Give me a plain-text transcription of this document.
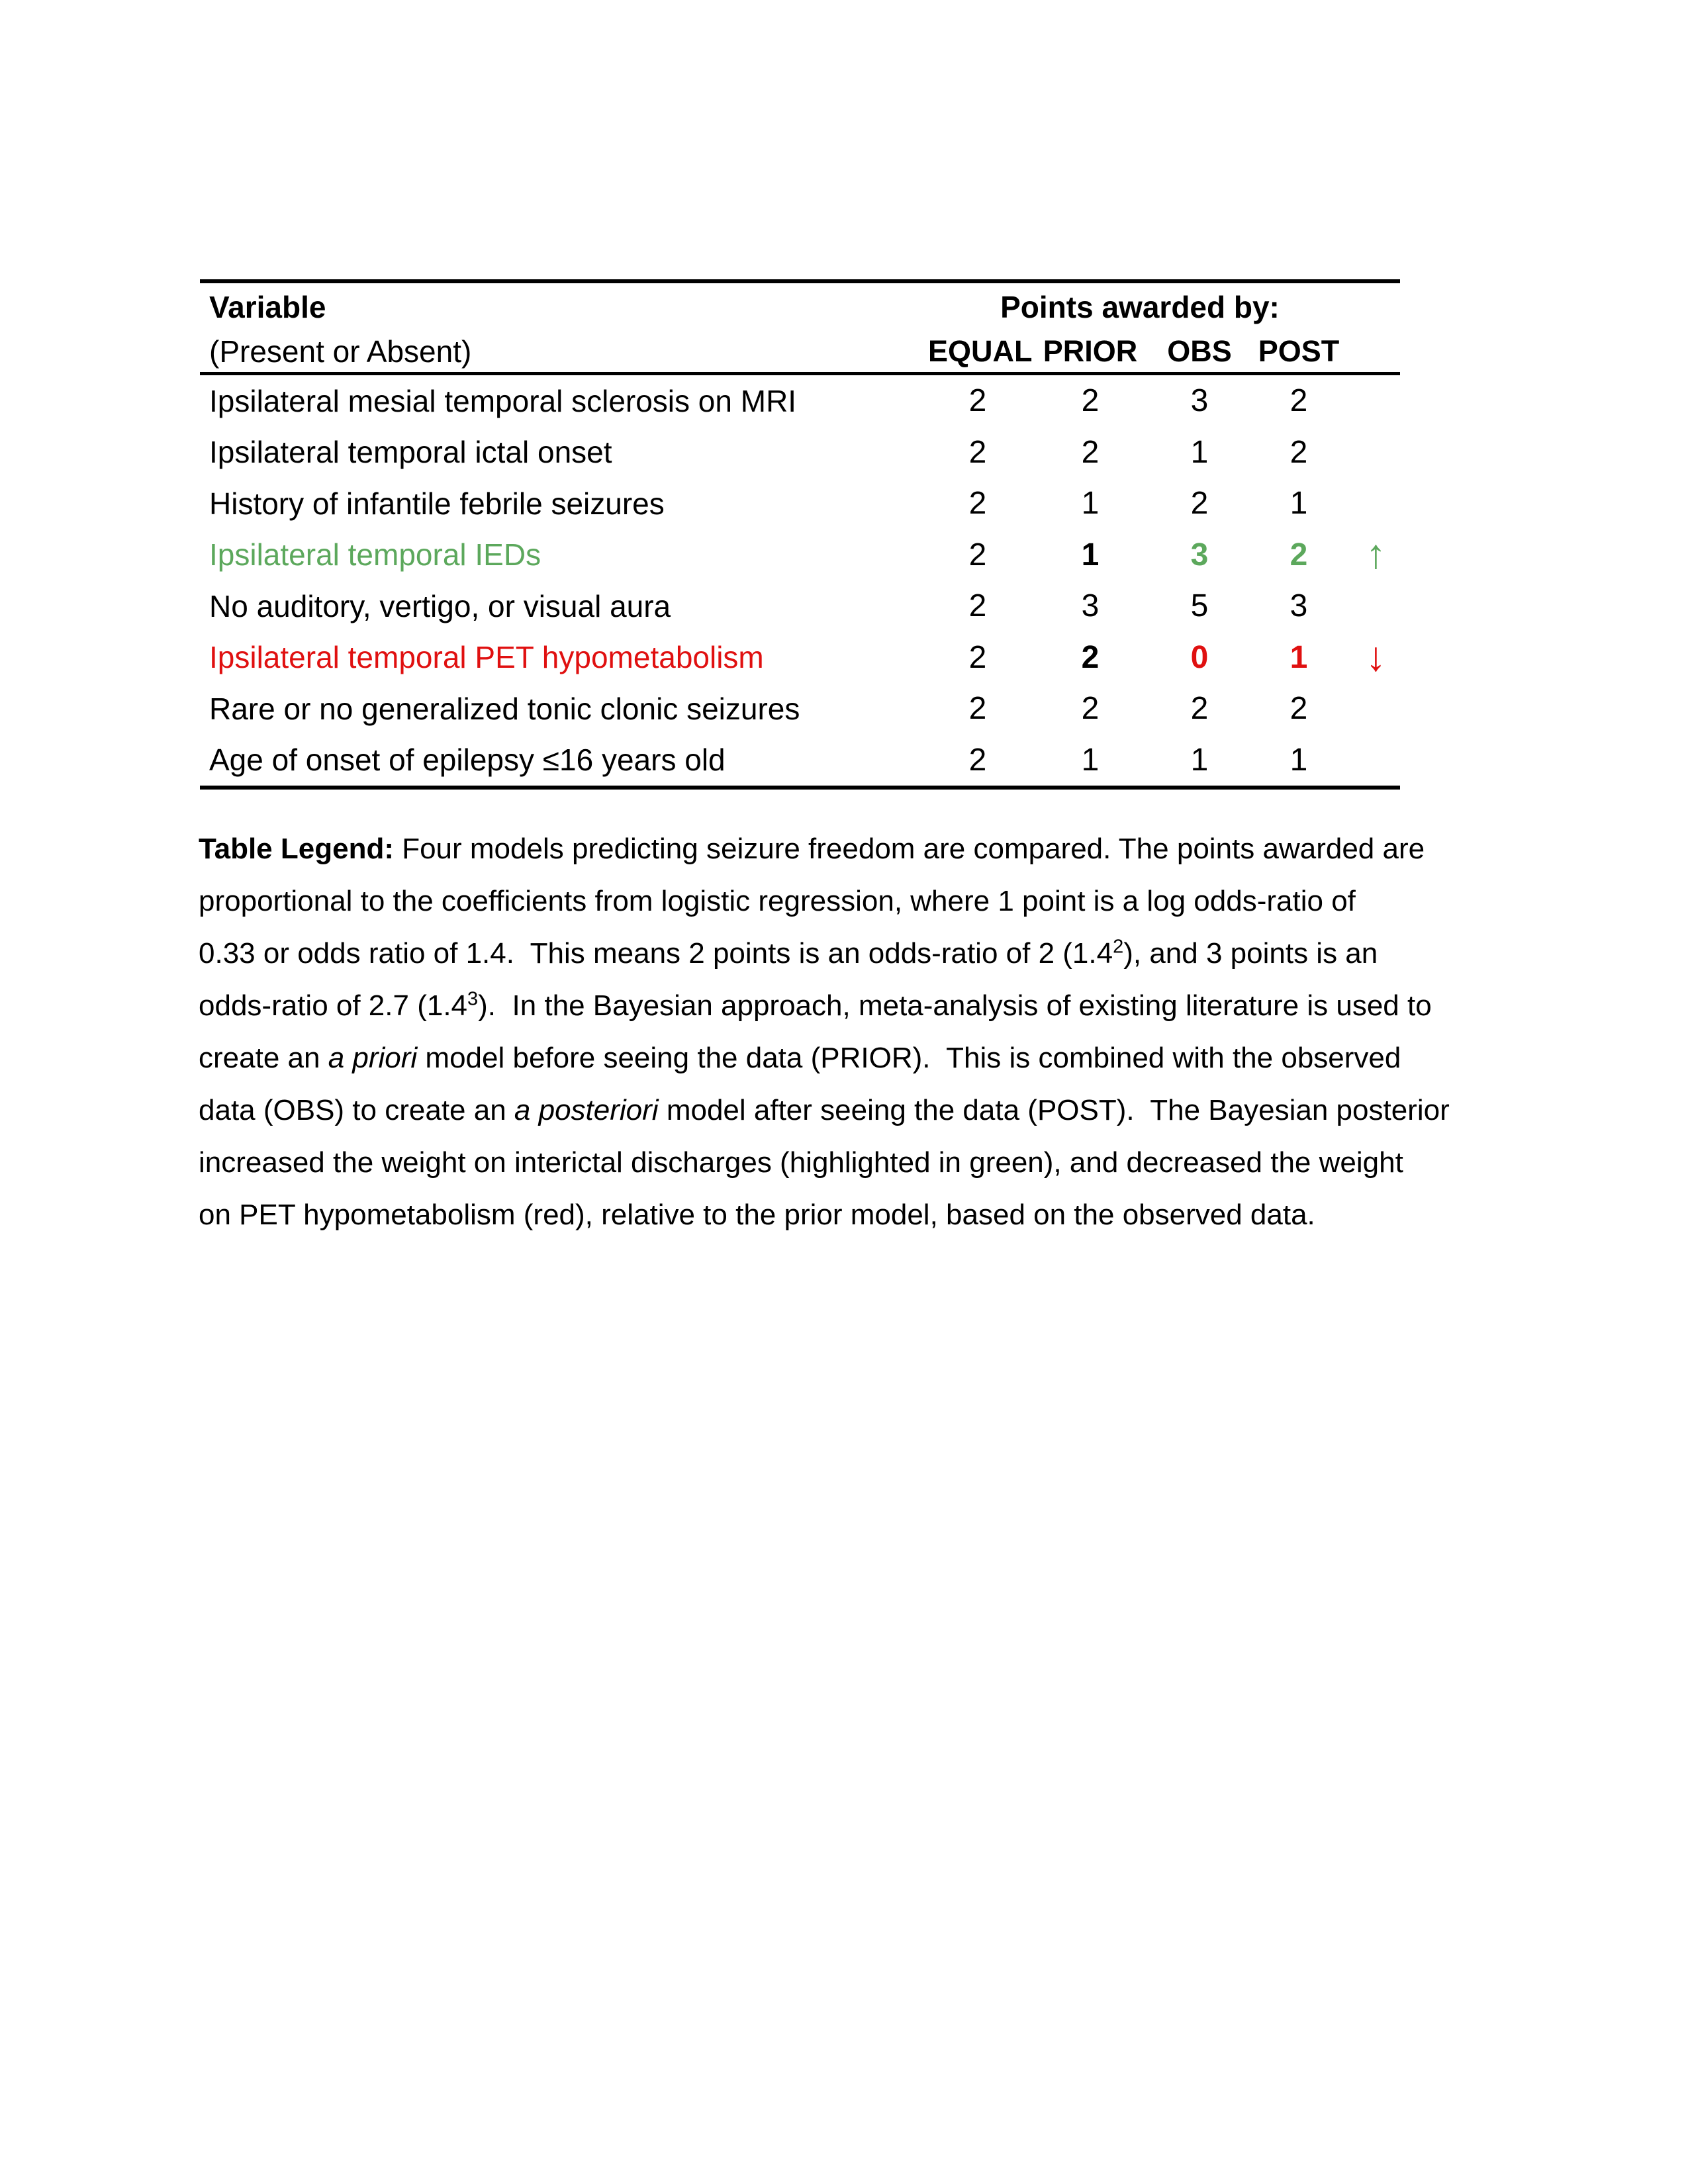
Variable	Points awarded by:
(Present or Absent)	EQUAL PRIOR OBS POST
Ipsilateral mesial temporal sclerosis on MRI	2	2	3	2
Ipsilateral temporal ictal onset	2	2	1	2
History of infantile febrile seizures	2	1	2	1
Ipsilateral temporal IEDs	2	1	3	2	↑
No auditory, vertigo, or visual aura	2	3	5	3
Ipsilateral temporal PET hypometabolism	2	2	0	1	↓
Rare or no generalized tonic clonic seizures	2	2	2	2
Age of onset of epilepsy ≤16 years old	2	1	1	1
Table Legend: Four models predicting seizure freedom are compared. The points awarded are
proportional to the coefficients from logistic regression, where 1 point is a log odds-ratio of
0.33 or odds ratio of 1.4.  This means 2 points is an odds-ratio of 2 $(1.4^2)$, and 3 points is an
odds-ratio of 2.7 $(1.4^3)$.  In the Bayesian approach, meta-analysis of existing literature is used to
create an a priori model before seeing the data (PRIOR).  This is combined with the observed
data (OBS) to create an a posteriori model after seeing the data (POST).  The Bayesian posterior
increased the weight on interictal discharges (highlighted in green), and decreased the weight
on PET hypometabolism (red), relative to the prior model, based on the observed data.
